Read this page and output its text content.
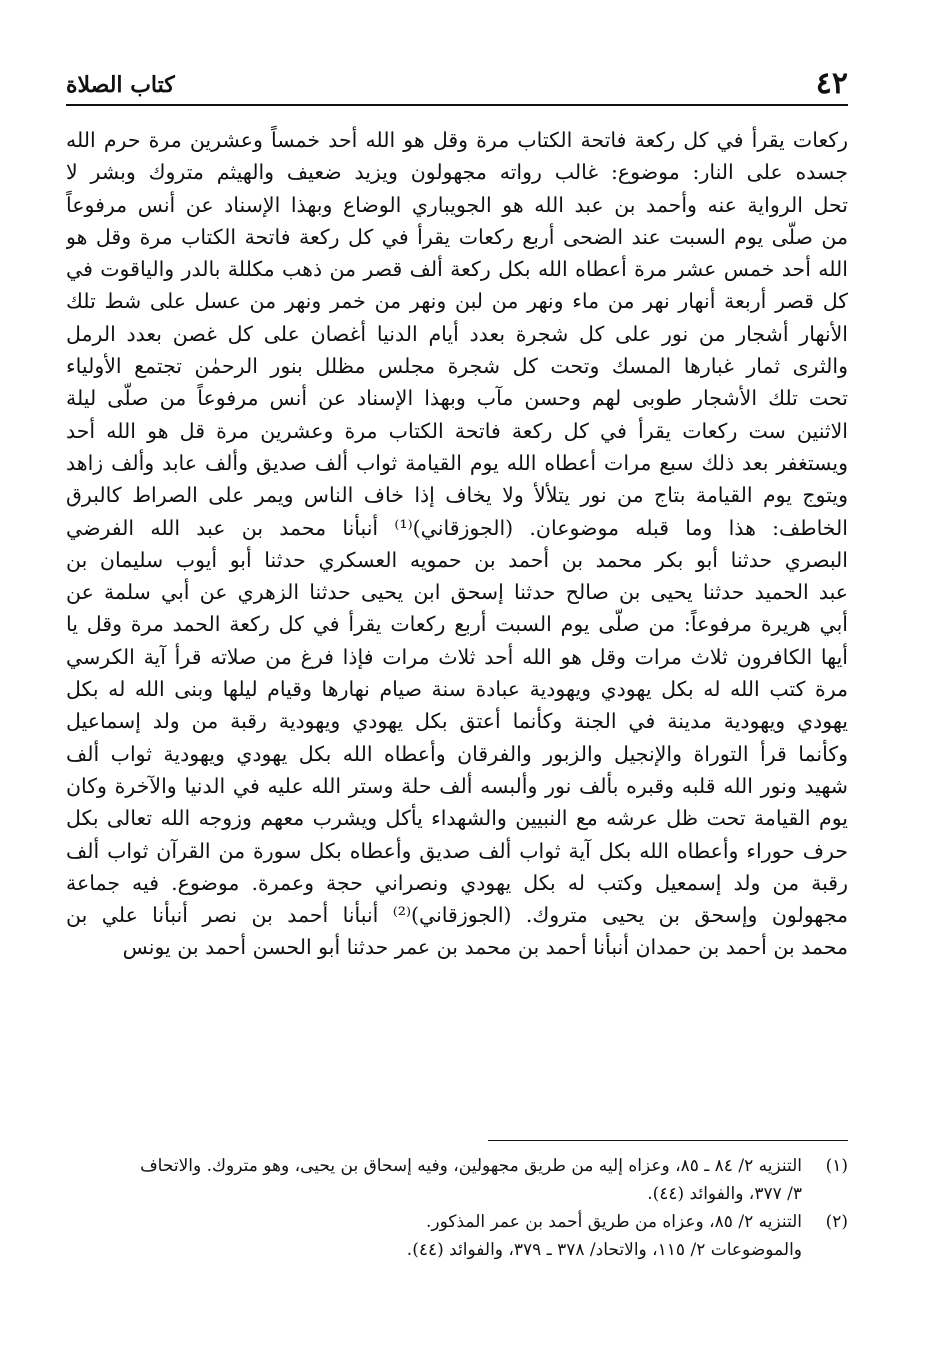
٤٢
كتاب الصلاة
ركعات يقرأ في كل ركعة فاتحة الكتاب مرة وقل هو الله أحد خمساً وعشرين مرة حرم الله
جسده على النار: موضوع: غالب رواته مجهولون ويزيد ضعيف والهيثم متروك وبشر لا
تحل الرواية عنه وأحمد بن عبد الله هو الجويباري الوضاع وبهذا الإسناد عن أنس مرفوعاً
من صلّى يوم السبت عند الضحى أربع ركعات يقرأ في كل ركعة فاتحة الكتاب مرة وقل هو
الله أحد خمس عشر مرة أعطاه الله بكل ركعة ألف قصر من ذهب مكللة بالدر والياقوت في
كل قصر أربعة أنهار نهر من ماء ونهر من لبن ونهر من خمر ونهر من عسل على شط تلك
الأنهار أشجار من نور على كل شجرة بعدد أيام الدنيا أغصان على كل غصن بعدد الرمل
والثرى ثمار غبارها المسك وتحت كل شجرة مجلس مظلل بنور الرحمٰن تجتمع الأولياء
تحت تلك الأشجار طوبى لهم وحسن مآب وبهذا الإسناد عن أنس مرفوعاً من صلّى ليلة
الاثنين ست ركعات يقرأ في كل ركعة فاتحة الكتاب مرة وعشرين مرة قل هو الله أحد
ويستغفر بعد ذلك سبع مرات أعطاه الله يوم القيامة ثواب ألف صديق وألف عابد وألف زاهد
ويتوج يوم القيامة بتاج من نور يتلألأ ولا يخاف إذا خاف الناس ويمر على الصراط كالبرق
الخاطف: هذا وما قبله موضوعان. (الجوزقاني)⁽¹⁾ أنبأنا محمد بن عبد الله الفرضي
البصري حدثنا أبو بكر محمد بن أحمد بن حمويه العسكري حدثنا أبو أيوب سليمان بن
عبد الحميد حدثنا يحيى بن صالح حدثنا إسحق ابن يحيى حدثنا الزهري عن أبي سلمة عن
أبي هريرة مرفوعاً: من صلّى يوم السبت أربع ركعات يقرأ في كل ركعة الحمد مرة وقل يا
أيها الكافرون ثلاث مرات وقل هو الله أحد ثلاث مرات فإذا فرغ من صلاته قرأ آية الكرسي
مرة كتب الله له بكل يهودي ويهودية عبادة سنة صيام نهارها وقيام ليلها وبنى الله له بكل
يهودي ويهودية مدينة في الجنة وكأنما أعتق بكل يهودي ويهودية رقبة من ولد إسماعيل
وكأنما قرأ التوراة والإنجيل والزبور والفرقان وأعطاه الله بكل يهودي ويهودية ثواب ألف
شهيد ونور الله قلبه وقبره بألف نور وألبسه ألف حلة وستر الله عليه في الدنيا والآخرة وكان
يوم القيامة تحت ظل عرشه مع النبيين والشهداء يأكل ويشرب معهم وزوجه الله تعالى بكل
حرف حوراء وأعطاه الله بكل آية ثواب ألف صديق وأعطاه بكل سورة من القرآن ثواب ألف
رقبة من ولد إسمعيل وكتب له بكل يهودي ونصراني حجة وعمرة. موضوع. فيه جماعة
مجهولون وإسحق بن يحيى متروك. (الجوزقاني)⁽²⁾ أنبأنا أحمد بن نصر أنبأنا علي بن
محمد بن أحمد بن حمدان أنبأنا أحمد بن محمد بن عمر حدثنا أبو الحسن أحمد بن يونس
(١)
التنزيه ٢/ ٨٤ ـ ٨٥، وعزاه إليه من طريق مجهولين، وفيه إسحاق بن يحيى، وهو متروك. والاتحاف
٣/ ٣٧٧، والفوائد (٤٤).
(٢)
التنزيه ٢/ ٨٥، وعزاه من طريق أحمد بن عمر المذكور.
والموضوعات ٢/ ١١٥، والاتحاد/ ٣٧٨ ـ ٣٧٩، والفوائد (٤٤).
